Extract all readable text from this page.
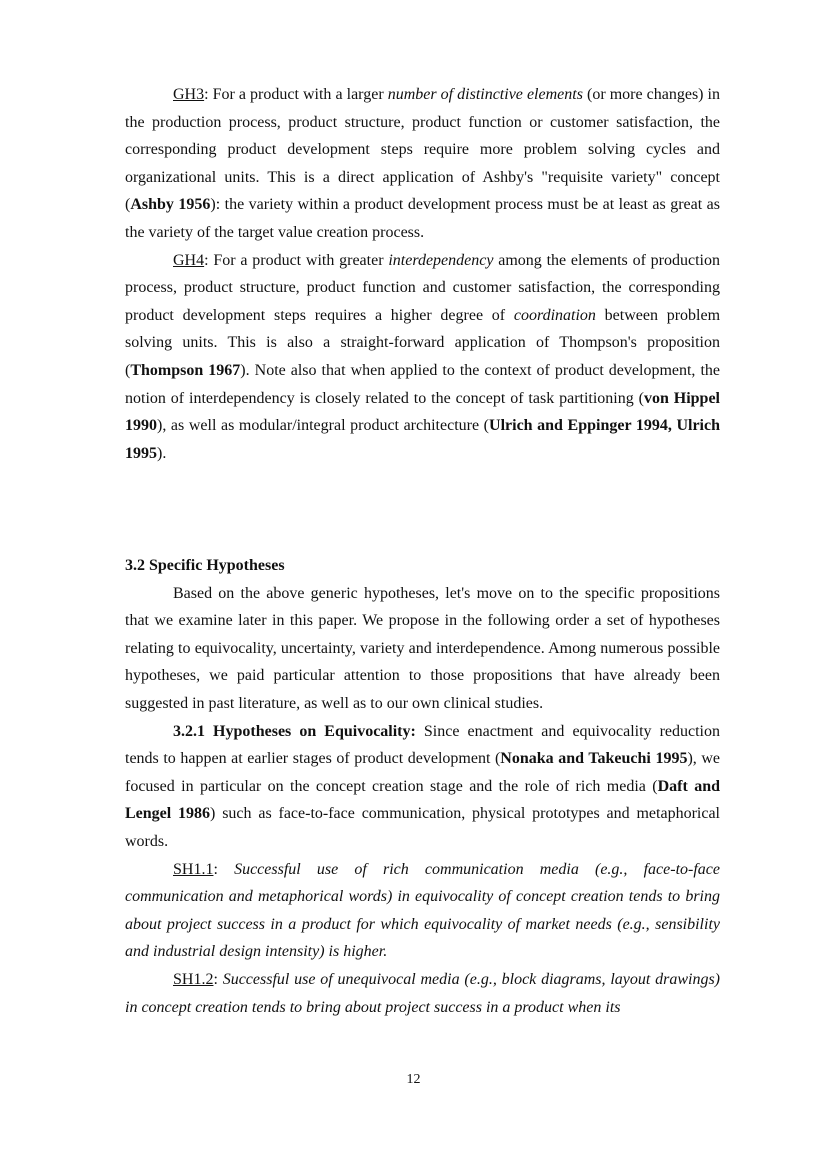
GH3: For a product with a larger number of distinctive elements (or more changes) in the production process, product structure, product function or customer satisfaction, the corresponding product development steps require more problem solving cycles and organizational units. This is a direct application of Ashby's "requisite variety" concept (Ashby 1956): the variety within a product development process must be at least as great as the variety of the target value creation process.

GH4: For a product with greater interdependency among the elements of production process, product structure, product function and customer satisfaction, the corresponding product development steps requires a higher degree of coordination between problem solving units. This is also a straight-forward application of Thompson's proposition (Thompson 1967). Note also that when applied to the context of product development, the notion of interdependency is closely related to the concept of task partitioning (von Hippel 1990), as well as modular/integral product architecture (Ulrich and Eppinger 1994, Ulrich 1995).

3.2 Specific Hypotheses

Based on the above generic hypotheses, let's move on to the specific propositions that we examine later in this paper. We propose in the following order a set of hypotheses relating to equivocality, uncertainty, variety and interdependence. Among numerous possible hypotheses, we paid particular attention to those propositions that have already been suggested in past literature, as well as to our own clinical studies.

3.2.1 Hypotheses on Equivocality: Since enactment and equivocality reduction tends to happen at earlier stages of product development (Nonaka and Takeuchi 1995), we focused in particular on the concept creation stage and the role of rich media (Daft and Lengel 1986) such as face-to-face communication, physical prototypes and metaphorical words.

SH1.1: Successful use of rich communication media (e.g., face-to-face communication and metaphorical words) in equivocality of concept creation tends to bring about project success in a product for which equivocality of market needs (e.g., sensibility and industrial design intensity) is higher.

SH1.2: Successful use of unequivocal media (e.g., block diagrams, layout drawings) in concept creation tends to bring about project success in a product when its

12
